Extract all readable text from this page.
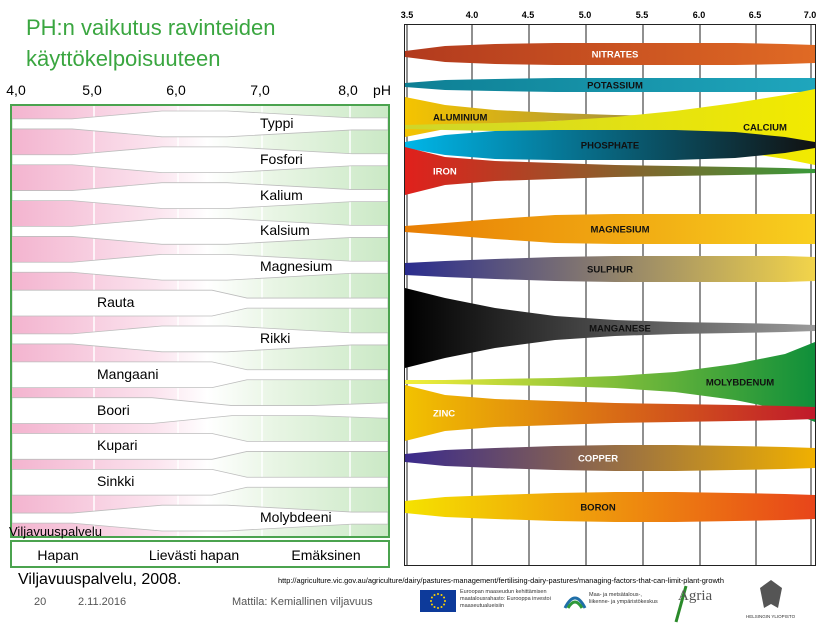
PH:n vaikutus ravinteiden
käyttökelpoisuuteen
4,0	5,0	6,0	7,0	8,0 pH
Typpi
Fosfori
Kalium
Kalsium
Magnesium
Rauta
Rikki
Mangaani
Boori
Kupari
Sinkki
Molybdeeni
Viljavuuspalvelu
Hapan	Lievästi hapan	Emäksinen
Viljavuuspalvelu, 2008.
NITRATES
POTASSIUM
ALUMINIUM
CALCIUM
PHOSPHATE
IRON
MAGNESIUM
SULPHUR
MANGANESE
MOLYBDENUM
ZINC
COPPER
BORON
3.5	4.0	4.5	5.0	5.5	6.0	6.5	7.0
http://agriculture.vic.gov.au/agriculture/dairy/pastures-management/fertilising-dairy-pastures/managing-factors-that-can-limit-plant-growth
20	2.11.2016	Mattila: Kemiallinen viljavuus
Euroopan maaseudun kehittämisen maatalousrahasto: Eurooppa investoi maaseutualueisiin
Maa- ja metsätalous-, liikenne- ja ympäristökeskus Agria
HELSINGIN YLIOPISTO
